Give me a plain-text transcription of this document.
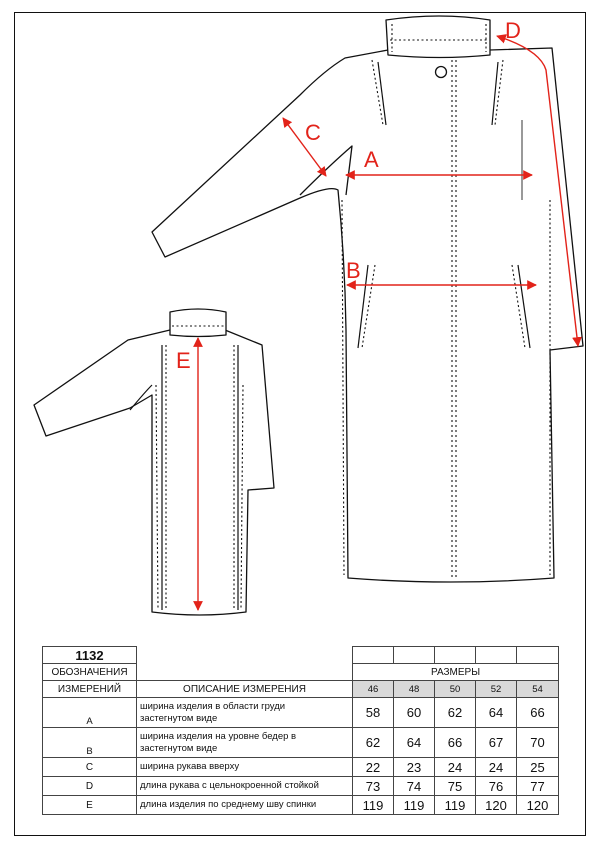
A
B
C
D
E
1132						
ОБОЗНАЧЕНИЯ		РАЗМЕРЫ				
ИЗМЕРЕНИЙ	ОПИСАНИЕ ИЗМЕРЕНИЯ	46	48	50	52	54
A	ширина изделия в области груди
застегнутом виде	58	60	62	64	66
B	ширина изделия на уровне бедер в
застегнутом виде	62	64	66	67	70
C	ширина рукава вверху	22	23	24	24	25
D	длина рукава с цельнокроенной стойкой	73	74	75	76	77
E	длина изделия по среднему шву спинки	119	119	119	120	120
